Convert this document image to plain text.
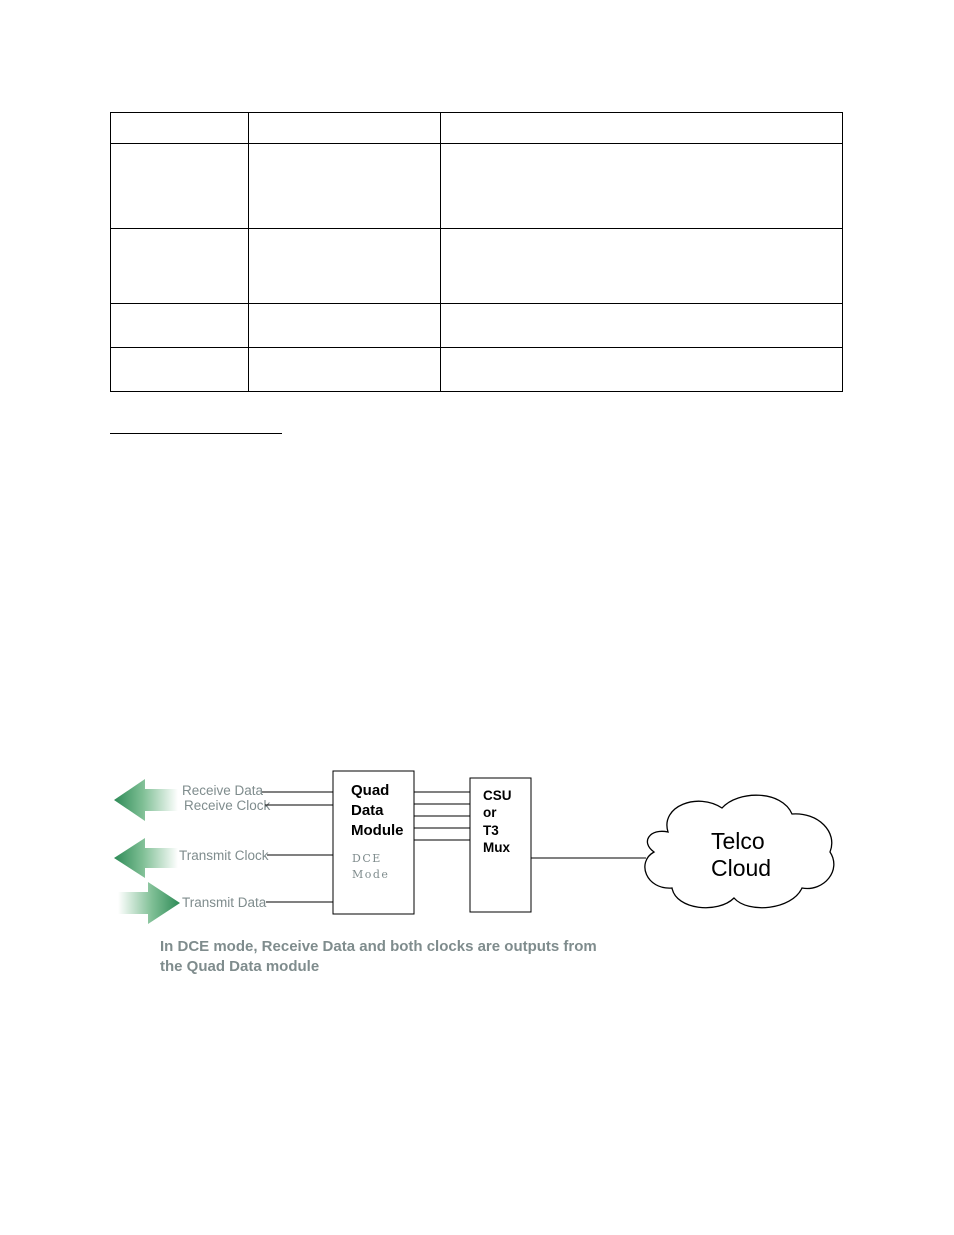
Receive Data
Receive Clock
Transmit Clock
Transmit Data
Quad
Data
Module
DCE
Mode
CSU
or
T3
Mux	Telco
Cloud

In DCE mode, Receive Data and both clocks are outputs from
the Quad Data module
